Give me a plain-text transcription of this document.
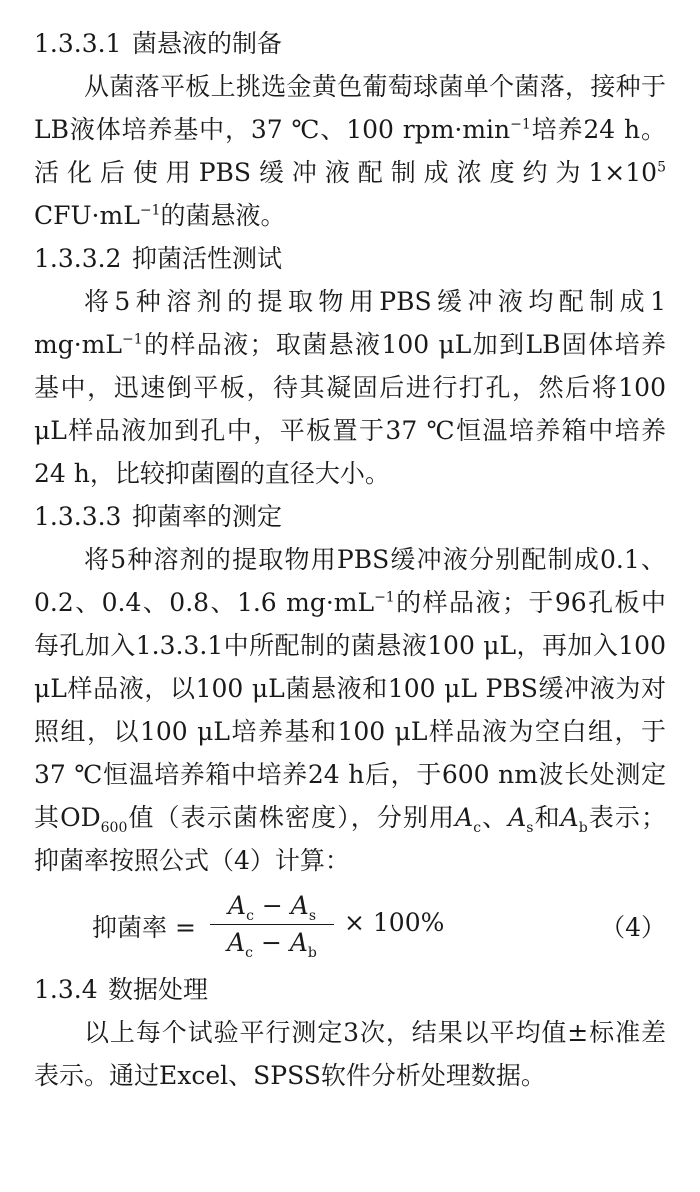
1.3.3.1 菌悬液的制备

从菌落平板上挑选金黄色葡萄球菌单个菌落，接种于LB液体培养基中，37 ℃、100 $rpm\cdot\min^{-1}$培养24 h。活化后使用PBS缓冲液配制成浓度约为$1\times 10^5$ $CFU\cdot mL^{-1}$的菌悬液。

1.3.3.2 抑菌活性测试

将5种溶剂的提取物用PBS缓冲液均配制成1 $mg\cdot mL^{-1}$的样品液；取菌悬液100 μL加到LB固体培养基中，迅速倒平板，待其凝固后进行打孔，然后将100 μL样品液加到孔中，平板置于37 ℃恒温培养箱中培养24 h，比较抑菌圈的直径大小。

1.3.3.3 抑菌率的测定

将5种溶剂的提取物用PBS缓冲液分别配制成0.1、0.2、0.4、0.8、1.6 $mg\cdot mL^{-1}$的样品液；于96孔板中每孔加入1.3.3.1中所配制的菌悬液100 μL，再加入100 μL样品液，以100 μL菌悬液和100 μL PBS缓冲液为对照组，以100 μL培养基和100 μL样品液为空白组，于37 ℃恒温培养箱中培养24 h后，于600 nm波长处测定其$OD_{600}$值（表示菌株密度），分别用$A_c$、$A_s$和$A_b$表示；抑菌率按照公式（4）计算：

抑菌率 =
$A_c - A_s$
$A_c - A_b$
× 100%	（4）
1.3.4 数据处理

以上每个试验平行测定3次，结果以平均值±标准差表示。通过Excel、SPSS软件分析处理数据。
